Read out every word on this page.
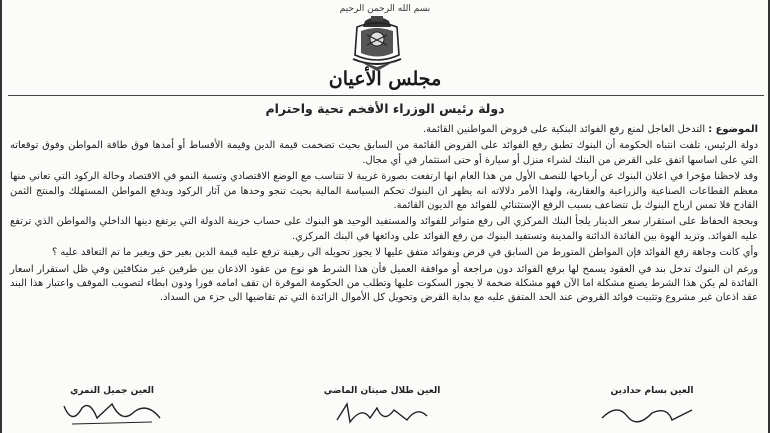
بسم الله الرحمن الرحيم
مجلس الأعيان
دولة رئيس الوزراء الأفخم تحية واحترام

الموضوع : التدخل العاجل لمنع رفع الفوائد البنكية على قروض المواطنين القائمة.

دولة الرئيس، تلفت انتباه الحكومة أن البنوك تطبق رفع الفوائد على القروض القائمة من السابق بحيث تضخمت قيمة الدين وقيمة الأقساط أو أمدها فوق طاقة المواطن وفوق توقعاته التي على اساسها اتفق على القرض من البنك لشراء منزل أو سيارة أو حتى استثمار في أي مجال.

وقد لاحظنا مؤخرا في اعلان البنوك عن أرباحها للنصف الأول من هذا العام انها ارتفعت بصورة غريبة لا تتناسب مع الوضع الاقتصادي وتسبة النمو في الاقتصاد وحالة الركود التي تعاني منها معظم القطاعات الصناعية والزراعية والعقارية، ولهذا الأمر دلالاته انه يظهر ان البنوك تحكم السياسة المالية بحيث تنجو وحدها من آثار الركود ويدفع المواطن المستهلك والمنتج الثمن القادح فلا تمس ارباح البنوك بل تتضاعف بسبب الرفع الإستثنائي للفوائد مع الديون القائمة.

وبحجة الحفاظ على استقرار سعر الدينار يلجأ البنك المركزي الى رفع متواتر للفوائد والمستفيد الوحيد هو البنوك على حساب خزينة الدولة التي يرتفع دينها الداخلي والمواطن الذي ترتفع عليه الفوائد. وتزيد الهوة بين الفائدة الدائنة والمدينة وتستفيد البنوك من رفع الفوائد على ودائعها في البنك المركزي.

وأي كانت وجاهة رفع الفوائد فإن المواطن المتورط من السابق في قرض وبفوائد متفق عليها لا يجوز تحويله الى رهينة ترفع عليه قيمة الدين بغير حق ويغير ما تم التعاقد عليه ؟

ورغم ان البنوك تدخل بند في العقود يسمح لها برفع الفوائد دون مراجعة أو موافقة العميل فأن هذا الشرط هو نوع من عقود الاذعان بين طرفين غير متكافئين وفي ظل استقرار اسعار الفائدة لم يكن هذا الشرط يصنع مشكلة اما الآن فهو مشكلة ضخمة لا يجوز السكوت عليها وتطلب من الحكومة الموقرة ان تقف امامه فورا ودون ابطاء لتصويب الموقف واعتبار هذا البند عقد اذعان غير مشروع وتثبيت فوائد القروض عند الحد المتفق عليه مع بداية القرض وتحويل كل الأموال الزائدة التي تم تقاضيها الى جزء من السداد.

العين بسام حدادين
العين طلال صيتان الماضي
العين جميل النمري
